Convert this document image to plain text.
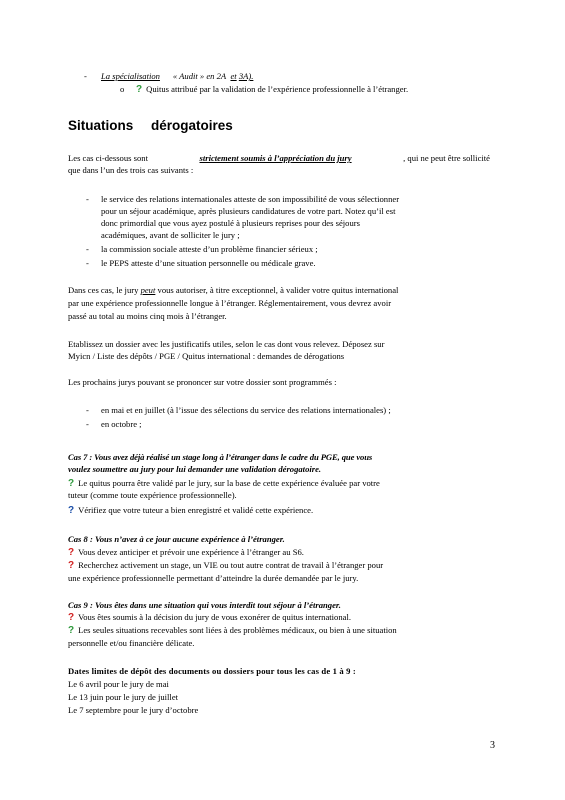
- La spécialisation « Audit » en 2A et 3A).
o ? Quitus attribué par la validation de l’expérience professionnelle à l’étranger.
Situations dérogatoires
Les cas ci-dessous sont	strictement soumis à l’appréciation du jury	, qui ne peut être sollicité
que dans l’un des trois cas suivants :
- le service des relations internationales atteste de son impossibilité de vous sélectionner
pour un séjour académique, après plusieurs candidatures de votre part. Notez qu’il est
donc primordial que vous ayez postulé à plusieurs reprises pour des séjours
académiques, avant de solliciter le jury ;
- la commission sociale atteste d’un problème financier sérieux ;
- le PEPS atteste d’une situation personnelle ou médicale grave.
Dans ces cas, le jury peut vous autoriser, à titre exceptionnel, à valider votre quitus international
par une expérience professionnelle longue à l’étranger. Réglementairement, vous devrez avoir
passé au total au moins cinq mois à l’étranger.
Etablissez un dossier avec les justificatifs utiles, selon le cas dont vous relevez. Déposez sur
Myicn / Liste des dépôts / PGE / Quitus international : demandes de dérogations
Les prochains jurys pouvant se prononcer sur votre dossier sont programmés :
- en mai et en juillet (à l’issue des sélections du service des relations internationales) ;
- en octobre ;
Cas 7 : Vous avez déjà réalisé un stage long à l’étranger dans le cadre du PGE, que vous
voulez soumettre au jury pour lui demander une validation dérogatoire.
? Le quitus pourra être validé par le jury, sur la base de cette expérience évaluée par votre
tuteur (comme toute expérience professionnelle).
? Vérifiez que votre tuteur a bien enregistré et validé cette expérience.
Cas 8 : Vous n’avez à ce jour aucune expérience à l’étranger.
? Vous devez anticiper et prévoir une expérience à l’étranger au S6.
? Recherchez activement un stage, un VIE ou tout autre contrat de travail à l’étranger pour
une expérience professionnelle permettant d’atteindre la durée demandée par le jury.
Cas 9 : Vous êtes dans une situation qui vous interdit tout séjour à l’étranger.
? Vous êtes soumis à la décision du jury de vous exonérer de quitus international.
? Les seules situations recevables sont liées à des problèmes médicaux, ou bien à une situation
personnelle et/ou financière délicate.
Dates limites de dépôt des documents ou dossiers pour tous les cas de 1 à 9 :
Le 6 avril pour le jury de mai
Le 13 juin pour le jury de juillet
Le 7 septembre pour le jury d’octobre
3
